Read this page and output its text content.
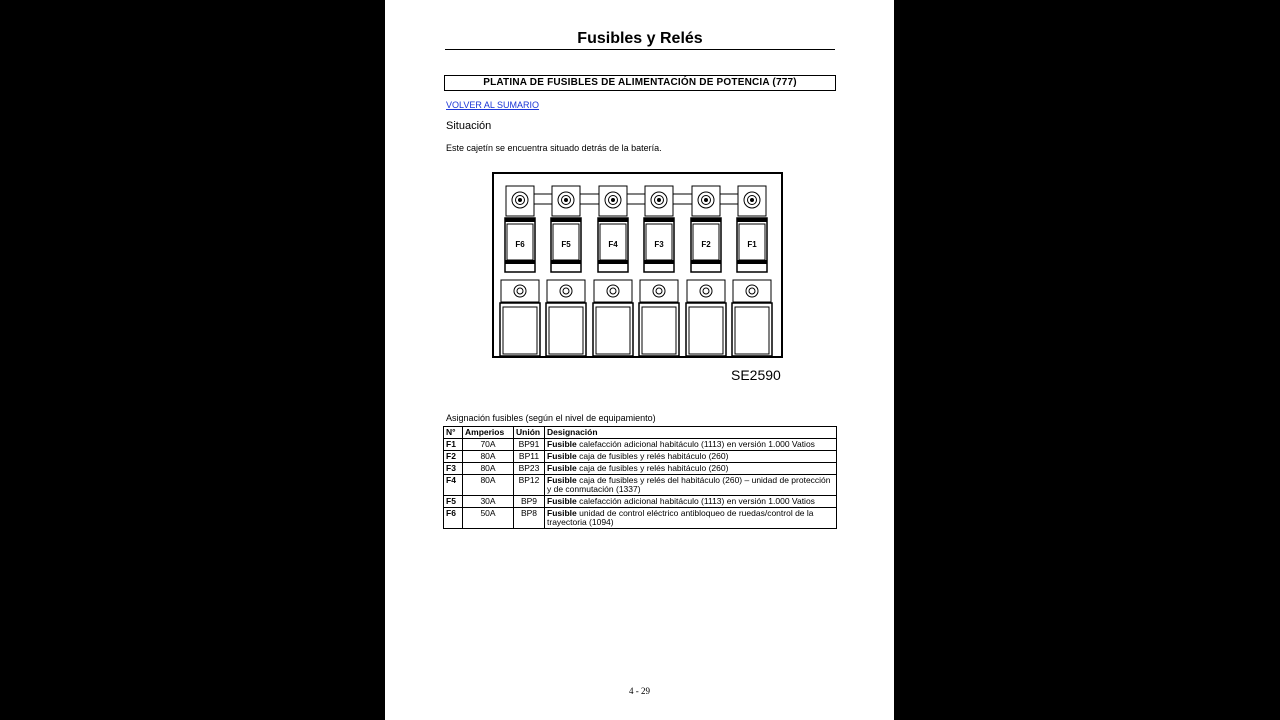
Fusibles y Relés
PLATINA DE FUSIBLES DE ALIMENTACIÓN DE POTENCIA (777)
VOLVER AL SUMARIO
Situación
Este cajetín se encuentra situado detrás de la batería.
F6	F5	F4	F3	F2	F1
SE2590
Asignación fusibles (según el nivel de equipamiento)
N°	Amperios	Unión	Designación
F1	70A	BP91	Fusible calefacción adicional habitáculo (1113) en versión 1.000 Vatios
F2	80A	BP11	Fusible caja de fusibles y relés habitáculo (260)
F3	80A	BP23	Fusible caja de fusibles y relés habitáculo (260)
F4	80A	BP12	Fusible caja de fusibles y relés del habitáculo (260) – unidad de protección y de conmutación (1337)
F5	30A	BP9	Fusible calefacción adicional habitáculo (1113) en versión 1.000 Vatios
F6	50A	BP8	Fusible unidad de control eléctrico antibloqueo de ruedas/control de la trayectoria (1094)
4 - 29
